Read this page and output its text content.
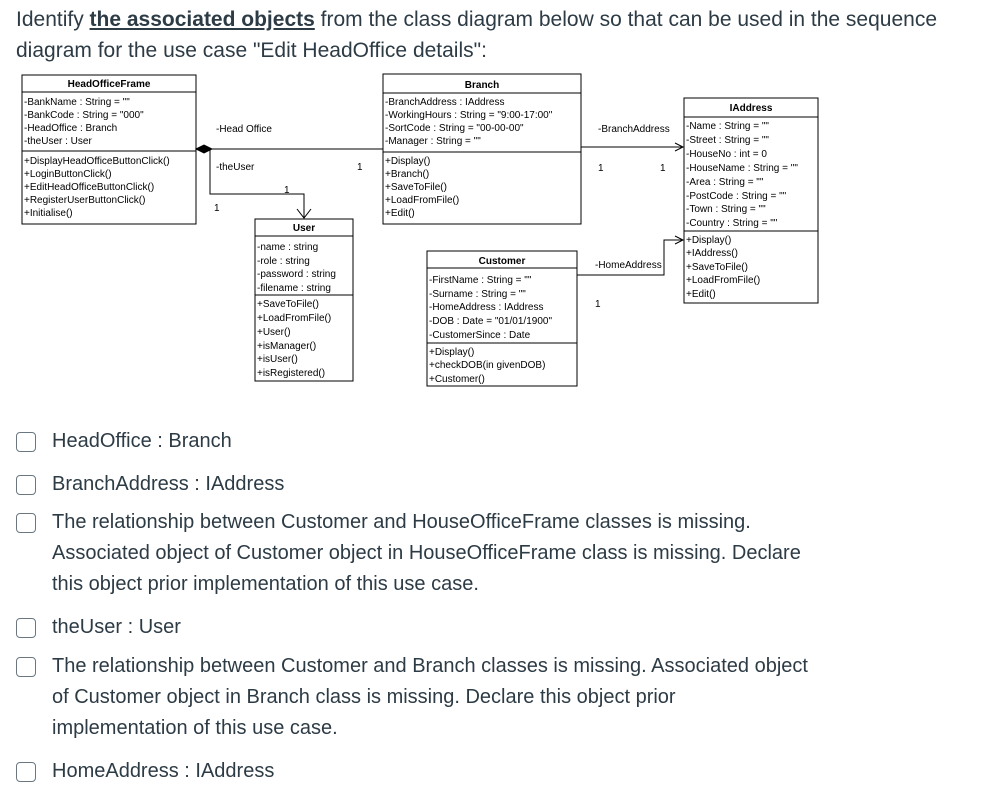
Identify the associated objects from the class diagram below so that can be used in the sequence diagram for the use case "Edit HeadOffice details":
HeadOfficeFrame
-BankName : String = ""
-BankCode : String = "000"
-HeadOffice : Branch
-theUser : User
+DisplayHeadOfficeButtonClick()
+LoginButtonClick()
+EditHeadOfficeButtonClick()
+RegisterUserButtonClick()
+Initialise()
Branch
-BranchAddress : IAddress
-WorkingHours : String = "9:00-17:00"
-SortCode : String = "00-00-00"
-Manager : String = ""
+Display()
+Branch()
+SaveToFile()
+LoadFromFile()
+Edit()
IAddress
-Name : String = ""
-Street : String = ""
-HouseNo : int = 0
-HouseName : String = ""
-Area : String = ""
-PostCode : String = ""
-Town : String = ""
-Country : String = ""
+Display()
+IAddress()
+SaveToFile()
+LoadFromFile()
+Edit()
User
-name : string
-role : string
-password : string
-filename : string
+SaveToFile()
+LoadFromFile()
+User()
+isManager()
+isUser()
+isRegistered()
Customer
-FirstName : String = ""
-Surname : String = ""
-HomeAddress : IAddress
-DOB : Date = "01/01/1900"
-CustomerSince : Date
+Display()
+checkDOB(in givenDOB)
+Customer()
-Head Office
-theUser
1
1
1
-BranchAddress
1	1
-HomeAddress
1
HeadOffice : Branch
BranchAddress : IAddress
The relationship between Customer and HouseOfficeFrame classes is missing. Associated object of Customer object in HouseOfficeFrame class is missing. Declare this object prior implementation of this use case.
theUser : User
The relationship between Customer and Branch classes is missing. Associated object of Customer object in Branch class is missing. Declare this object prior implementation of this use case.
HomeAddress : IAddress
